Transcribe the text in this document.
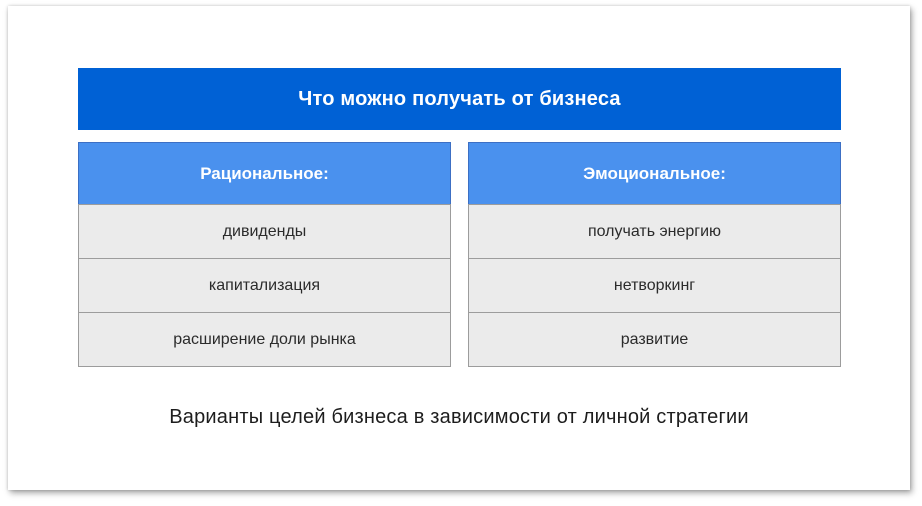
Что можно получать от бизнеса
Рациональное:
дивиденды
капитализация
расширение доли рынка
Эмоциональное:
получать энергию
нетворкинг
развитие
Варианты целей бизнеса в зависимости от личной стратегии
